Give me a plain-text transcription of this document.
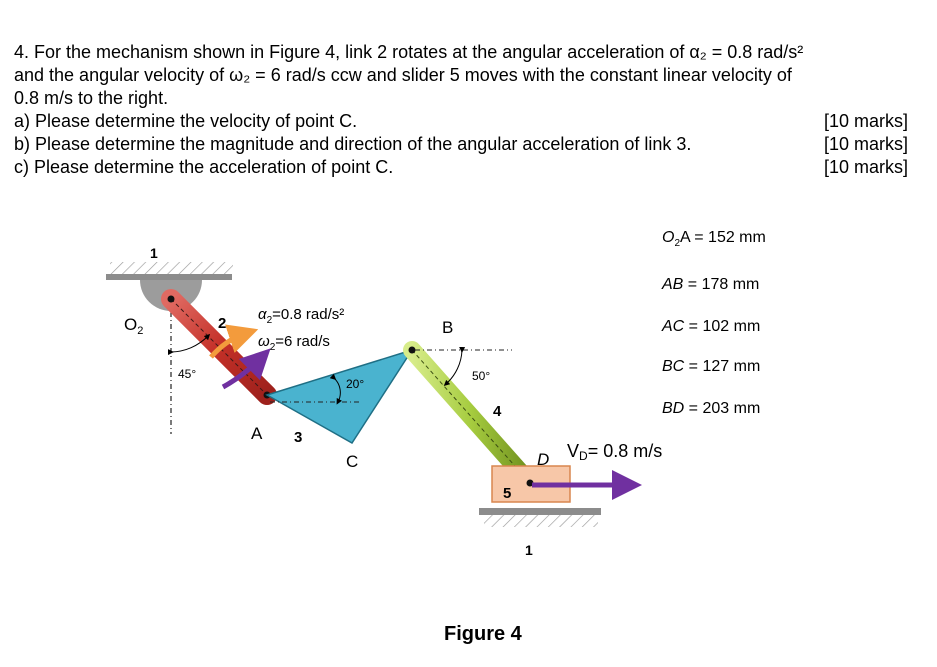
4. For the mechanism shown in Figure 4, link 2 rotates at the angular acceleration of α₂ = 0.8 rad/s²
and the angular velocity of ω₂ = 6 rad/s ccw and slider 5 moves with the constant linear velocity of
0.8 m/s to the right.
a) Please determine the velocity of point C.	[10 marks]
b) Please determine the magnitude and direction of the angular acceleration of link 3.	[10 marks]
c) Please determine the acceleration of point C.	[10 marks]
1
45°
20°
50°
1
$O_2$	2
3
4
5
A
B
C	D
$\alpha_2=0.8$ rad/s²
$\omega_2=6$ rad/s
VD= 0.8 m/s
$O_2A = 152$ mm
AB = 178 mm
AC = 102 mm
BC = 127 mm
BD = 203 mm
Figure 4
